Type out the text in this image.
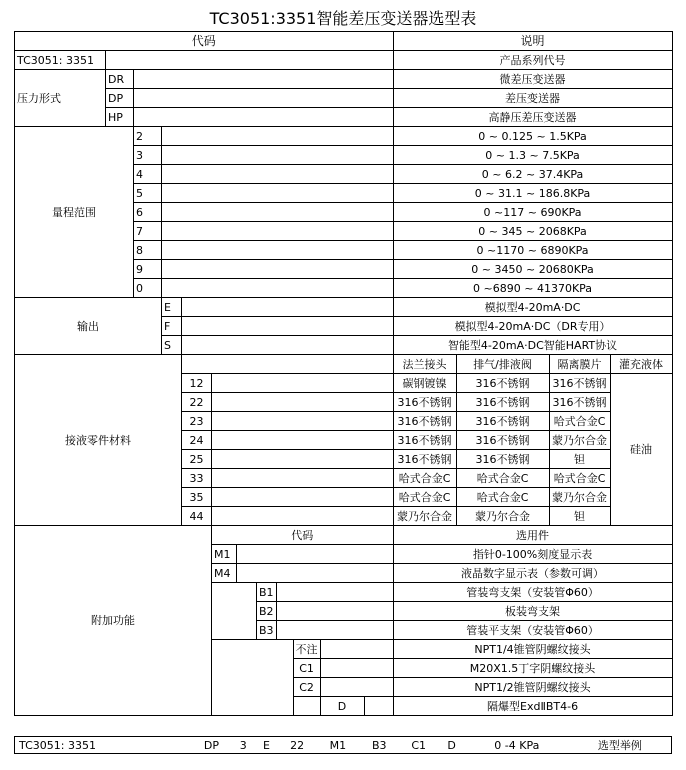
TC3051:3351智能差压变送器选型表
代码												说明			
TC3051: 3351												产品系列代号			
压力形式	DR											微差压变送器			
	DP											差压变送器			
	HP											高静压差压变送器			
量程范围		2										0 ~ 0.125 ~ 1.5KPa			
		3										0 ~ 1.3 ~ 7.5KPa			
		4										0 ~ 6.2 ~ 37.4KPa			
		5										0 ~ 31.1 ~ 186.8KPa			
		6										0 ~117 ~ 690KPa			
		7										0 ~ 345 ~ 2068KPa			
		8										0 ~1170 ~ 6890KPa			
		9										0 ~ 3450 ~ 20680KPa			
		0										0 ~6890 ~ 41370KPa			
输出			E									模拟型4-20mA·DC			
			F									模拟型4-20mA·DC（DR专用）			
			S									智能型4-20mA·DC智能HART协议			
接液零件材料												法兰接头	排气/排液阀	隔离膜片	灌充液体
				12								碳钢镀镍	316不锈钢	316不锈钢	硅油
				22								316不锈钢	316不锈钢	316不锈钢	
				23								316不锈钢	316不锈钢	哈式合金C	
				24								316不锈钢	316不锈钢	蒙乃尔合金	
				25								316不锈钢	316不锈钢	钽	
				33								哈式合金C	哈式合金C	哈式合金C	
				35								哈式合金C	哈式合金C	蒙乃尔合金	
				44								蒙乃尔合金	蒙乃尔合金	钽	
附加功能					代码							选用件			
					M1							指针0-100%刻度显示表			
					M4							液晶数字显示表（参数可调）			
							B1					管装弯支架（安装管Φ60）			
							B2					板装弯支架			
							B3					管装平支架（安装管Φ60）			
									不注			NPT1/4锥管阴螺纹接头			
									C1			M20X1.5丁字阴螺纹接头			
									C2			NPT1/2锥管阴螺纹接头			
										D		隔爆型ExdⅡBT4-6			
TC3051: 3351	DP	3	E	22	M1	B3	C1	D	0 -4 KPa	选型举例
